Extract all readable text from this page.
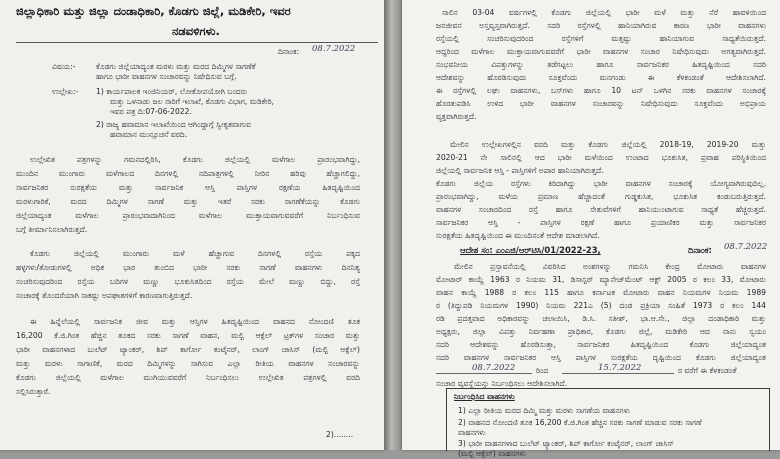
ಜಿಲ್ಲಾಧಿಕಾರಿ ಮತ್ತು ಜಿಲ್ಲಾ ದಂಡಾಧಿಕಾರಿ, ಕೊಡಗು ಜಿಲ್ಲೆ, ಮಡಿಕೇರಿ, ಇವರ
ನಡವಳಿಗಳು.
ದಿನಾಂಕ: 08.7.2022
ವಿಷಯ:-	ಕೊಡಗು ಜಿಲ್ಲೆಯಾದ್ಯಂತ ಮರಳು ಮತ್ತು ಮರದ ದಿಮ್ಮಿಗಳ ಸಾಗಣೆಕೆ
ಹಾಗೂ ಭಾರೀ ವಾಹನಗಳ ಸಂಚಾರವನ್ನು ನಿಷೇಧಿಸುವ ಬಗ್ಗೆ.
ಉಲ್ಲೇಖ:- 1) ಕಾರ್ಯಪಾಲಕ ಇಂಜಿನಿಯರ್, ಲೋಕೋಪಯೋಗಿ ಬಂದರು
ಮತ್ತು ಒಳನಾಡು ಜಲ ಸಾರಿಗೆ ಇಲಾಖೆ, ಕೊಡಗು ವಿಭಾಗ, ಮಡಿಕೇರಿ,
ಇವರ ಪತ್ರ ದಿ:07-06-2022.
2) ರಾಜ್ಯ ಹವಾಮಾನ ಇಲಾಖೆಯಿಂದ ಆಗಿಂದ್ದಾಗ್ಗೆ ಸ್ವೀಕೃತವಾಗುವ
ಹವಾಮಾನ ಮುನ್ಸೂಚನೆ ವರದಿ.
ಉಲ್ಲೇಖಿತ ಪತ್ರಗಳನ್ನು ಗಮನದಲ್ಲಿರಿಸಿ, ಕೊಡಗು ಜಿಲ್ಲೆಯಲ್ಲಿ ಮಳೆಗಾಲ ಪ್ರಾರಂಭವಾಗಿದ್ದು,
ಮುಂದಿನ ಮುಂಗಾರು ಮಳೆಗಾಲದ ದಿನಗಳಲ್ಲಿ ನದಿಪಾತ್ರಗಳಲ್ಲಿ ನೀರಿನ ಹರಿವು ಹೆಚ್ಚಾಗಲಿದ್ದು,
ಸಾರ್ವಜನಿಕರ ಸುರಕ್ಷತೆಯ ಮತ್ತು ಸಾರ್ವಜನಿಕ ಆಸ್ತಿ ಪಾಸ್ತಿಗಳ ರಕ್ಷಣೆಯ ಹಿತದೃಷ್ಟಿಯಿಂದ
ಮರಳುಗಾರಿಕೆ, ಮರದ ದಿಮ್ಮಿಗಳ ಸಾಗಣೆ ಮತ್ತು ಇತರೆ ಸರಕು ಸಾಗಣೆಕೆಯನ್ನು ಕೊಡಗು
ಜಿಲ್ಲೆಯಾದ್ಯಂತ ಮಳೆಗಾಲ ಪ್ರಾರಂಭವಾದಾಗಿನಿಂದ ಮಳೆಗಾಲ ಮುಕ್ತಾಯವಾಗುವವರೆಗೆ ನಿರ್ಬಂಧಿಸುವ
ಬಗ್ಗೆ ತೀರ್ಮಾನಿಸಲಾಗಿರುತ್ತದೆ.
ಕೊಡಗು ಜಿಲ್ಲೆಯಲ್ಲಿ ಮುಂಗಾರು ಮಳೆ ಹೆಚ್ಚಾಗುವ ದಿನಗಳಲ್ಲಿ ರಸ್ತೆಯ ಪಕ್ಕದ
ಹಳ್ಳಗಳು/ತೋಡುಗಳಲ್ಲಿ ಅಧಿಕ ಭಾರ ತುಂಬಿದ ಭಾರೀ ಸರಕು ಸಾಗಣೆ ವಾಹನಗಳು ದಿನನಿತ್ಯ
ಸಂಚರಿಸುವುದರಿಂದ ರಸ್ತೆಯ ಬದಿಗಳ ಮಣ್ಣು ಭೂಕುಸಿತದಿಂದ ರಸ್ತೆಯ ಮೇಲೆ ಮಣ್ಣು ಬಿದ್ದು, ರಸ್ತೆ
ಸಂಚಾರಕ್ಕೆ ತೊಂದರೆಯಾಗಿ ಸಾಕಷ್ಟು ಅಪಘಾತಗಳಿಗೆ ಕಾರಣವಾಗುತ್ತಿರುತ್ತದೆ.
ಈ ಹಿನ್ನೆಲೆಯಲ್ಲಿ ಸಾರ್ವಜನಿಕ ಜೀವ ಮತ್ತು ಆಸ್ತಿಗಳ ಹಿತದೃಷ್ಟಿಯಿಂದ ವಾಹನದ ನೋಂದಣಿ ತೂಕ
16,200 ಕೆ.ಜಿ.ಗಿಂತ ಹೆಚ್ಚಿನ ತೂಕದ ಸರಕು ಸಾಗಣೆ ವಾಹನ, ಮಲ್ಟಿ ಆಕ್ಸೆಲ್ ಟ್ರಕ್‌ಗಳ ಸಂಚಾರ ಮತ್ತು
ಭಾರೀ ವಾಹನಗಳಾದ ಬುಲೆಟ್ ಟ್ಯಾಂಕರ್, ಶಿಪ್ ಕಾರ್ಗೋ ಕಂಟೈನರ್, ಲಾಂಗ್ ಚಾಸಿಸ್ (ಮಲ್ಟಿ ಆಕ್ಸೆಲ್)
ಮತ್ತು ಮರಳು ಸಾಗಾಣಿಕೆ, ಮರದ ದಿಮ್ಮಿಗಳನ್ನು ಸಾಗಿಸುವ ಎಲ್ಲಾ ರೀತಿಯ ವಾಹನಗಳ ಸಂಚಾರವನ್ನು
ಕೊಡಗು ಜಿಲ್ಲೆಯಲ್ಲಿ ಮಳೆಗಾಲ ಮುಗಿಯುವವರೆಗೆ ನಿರ್ಬಂಧಿಸಲು ಉಲ್ಲೇಖಿತ ಪತ್ರಗಳಲ್ಲಿ ವರದಿ
ಸಲ್ಲಿಸಿರುತ್ತಾರೆ.
2)........
ಸಾಲಿನ 03-04 ವರ್ಷಗಳಲ್ಲಿ ಕೊಡಗು ಜಿಲ್ಲೆಯಲ್ಲಿ ಭಾರೀ ಮಳೆ ಮತ್ತು ನೆರೆ ಹಾವಳಿಯಿಂದ
ಜನಜೀವನ ಅಸ್ತವ್ಯಸ್ತವಾಗಿರುತ್ತದೆ. ಸದರಿ ರಸ್ತೆಗಳಲ್ಲಿ ಹಾನಿಯಾಗಿರುವ ಕಾರಣ ಭಾರೀ ವಾಹನಗಳು
ರಸ್ತೆಯಲ್ಲಿ ಸಂಚರಿಸುವುದರಿಂದ ರಸ್ತೆಗಳಿಗೆ ಮತ್ತಷ್ಟು ಹಾನಿಯಾಗುವ ಸಾಧ್ಯತೆಯಿರುತ್ತದೆ.
ಆದ್ದರಿಂದ ಮಳೆಗಾಲ ಮುಕ್ತಾಯವಾಗುವವರೆಗೆ ಭಾರೀ ವಾಹನಗಳ ಸಂಚಾರ ನಿಷೇಧಿಸುವುದು ಅಗತ್ಯವಾಗಿರುತ್ತದೆ.
ಸಂಭವನೀಯ ವಿಪತ್ತುಗಳನ್ನು ತಡೆಗಟ್ಟಲು ಹಾಗೂ ಸಾರ್ವಜನಿಕರ ಹಿತದೃಷ್ಟಿಯಿಂದ ಸದರಿ
ಆದೇಶವನ್ನು ಹೊರಡಿಸುವುದು ಸೂಕ್ತವೆಂದು ಮನಗಂಡು ಈ ಕೆಳಕಂಡಂತೆ ಆದೇಶಿಸಲಾಗಿದೆ.
ಈ ರಸ್ತೆಗಳಲ್ಲಿ ಲಘು ವಾಹನಗಳು, ಬಸ್‌ಗಳು ಹಾಗೂ 10 ಟನ್ ಒಳಗಿನ ಸರಕು ವಾಹನಗಳ ಸಂಚಾರಕ್ಕೆ
ಹೊರತುಪಡಿಸಿ ಉಳಿದ ಭಾರೀ ವಾಹನಗಳ ಸಂಚಾರವನ್ನು ನಿಷೇಧಿಸುವುದು ಸೂಕ್ತವೆಂದು ಅಭಿಪ್ರಾಯ
ವ್ಯಕ್ತವಾಗಿರುತ್ತದೆ.
ಮೇಲಿನ ಉಲ್ಲೇಖಗಳಲ್ಲಿನ ವರದಿ ಮತ್ತು ಕೊಡಗು ಜಿಲ್ಲೆಯಲ್ಲಿ 2018-19, 2019-20 ಮತ್ತು
2020-21 ನೇ ಸಾಲಿನಲ್ಲಿ ಆದ ಭಾರೀ ಮಳೆಯಿಂದ ಉಂಟಾದ ಭೂಕುಸಿತ, ಪ್ರವಾಹ ಪರಿಸ್ಥಿತಿಯಿಂದ
ಜಿಲ್ಲೆಯಲ್ಲಿ ಸಾರ್ವಜನಿಕ ಆಸ್ತಿ - ಪಾಸ್ತಿಗಳಿಗೆ ಅಪಾರ ಹಾನಿಯಾಗಿರುತ್ತದೆ.
ಕೊಡಗು ಜಿಲ್ಲೆಯ ರಸ್ತೆಗಳು ಕಿರಿದಾಗಿದ್ದು ಭಾರೀ ವಾಹನಗಳ ಸಂಚಾರಕ್ಕೆ ಯೋಗ್ಯವಾಗಿರುವುದಿಲ್ಲ.
ಪ್ರಾರಂಭವಾಗಿದ್ದು, ಮಳೆಯ ಪ್ರಮಾಣ ಹೆಚ್ಚಾದಂತೆ ಗುಡ್ಡಕುಸಿತ, ಭೂಕುಸಿತ ಕಂಡುಬರುತ್ತಿರುತ್ತದೆ.
ವಾಹನಗಳ ಸಂಚಾರದಿಂದ ರಸ್ತೆ ಹಾಗೂ ಸೇತುವೆಗಳಿಗೆ ಹಾನಿಯುಂಟಾಗುವ ಸಾಧ್ಯತೆ ಹೆಚ್ಚಿರುತ್ತದೆ.
ಸಾರ್ವಜನಿಕರ ಆಸ್ತಿ - ಪಾಸ್ತಿಗಳ ರಕ್ಷಣೆ ಹಾಗೂ ಪ್ರಯಾಣಿಕರ ಮತ್ತು ಸಾರ್ವಜನಿಕರ
ಸುರಕ್ಷತೆಯ ಹಿತದೃಷ್ಟಿಯಿಂದ ಈ ಮುಂದಿನಂತೆ ಆದೇಶ ಮಾಡಲಾಗಿದೆ.
ಆದೇಶ ಸಂ: ಎಂಎಜಿ/ಆರ್‌ಟಿಸಿ/01/2022-23,	ದಿನಾಂಕ: 08.7.2022
ಮೇಲಿನ ಪ್ರಸ್ತಾವನೆಯಲ್ಲಿ ವಿವರಿಸಿದ ಅಂಶಗಳನ್ನು ಗಮನಿಸಿ ಕೇಂದ್ರ ಮೋಟಾರು ವಾಹನಗಳ
ಮೋಟಾರ್ ಕಾಯ್ದೆ 1963 ರ ನಿಯಮ 31, ಡಿಸಾಸ್ಟರ್ ಮ್ಯಾನೇಜ್‌ಮೆಂಟ್ ಆಕ್ಟ್ 2005 ರ ಕಲಂ 33, ಮೋಟಾರು
ವಾಹನ ಕಾಯ್ದೆ 1988 ರ ಕಲಂ 115 ಹಾಗೂ ಕರ್ನಾಟಕ ಮೋಟಾರು ವಾಹನ ನಿಯಮಗಳ ನಿಯಮ 1989
ರ (ತಿದ್ದುಪಡಿ ನಿಯಮಗಳ 1990) ನಿಯಮ 221ಎ (5) ದಂಡ ಪ್ರಕ್ರಿಯಾ ಸಂಹಿತೆ 1973 ರ ಕಲಂ 144
ರಡಿ ಪ್ರದತ್ತವಾದ ಅಧಿಕಾರವನ್ನು ಚಲಾಯಿಸಿ, ಡಿ.ಸಿ. ಸತೀಶ್, ಭಾ.ಆ.ಸೇ., ಜಿಲ್ಲಾ ದಂಡಾಧಿಕಾರಿ ಮತ್ತು
ಅಧ್ಯಕ್ಷರು, ಜಿಲ್ಲಾ ವಿಪತ್ತು ನಿರ್ವಹಣಾ ಪ್ರಾಧಿಕಾರ, ಕೊಡಗು ಜಿಲ್ಲೆ, ಮಡಿಕೇರಿ ಆದ ನಾನು ಸ್ವಯಂ
ಸದರಿ ಆದೇಶವನ್ನು ಹೊರಡಿಸುತ್ತಾ, ಸಾರ್ವಜನಿಕರ ಹಿತದೃಷ್ಟಿಯಿಂದ ಕೊಡಗು ಜಿಲ್ಲೆಯಾದ್ಯಂತ
ಸದರಿ ವಾಹನಗಳ ಸಾರ್ವಜನಿಕರ ಆಸ್ತಿ ಪಾಸ್ತಿಗಳ ಸುರಕ್ಷತೆಯ ದೃಷ್ಟಿಯಿಂದ ಕೊಡಗು ಜಿಲ್ಲೆಯಾದ್ಯಂತ
08.7.2022	ರಿಂದ	15.7.2022	ರ ವರೆಗೆ ಈ ಕೆಳಕಂಡಂತೆ
ಸಂಚಾರ ವ್ಯವಸ್ಥೆಯನ್ನು ನಿರ್ಬಂಧಿಸಲು ಆದೇಶಿಸಲಾಗಿದೆ.
ನಿರ್ಬಂಧಿಸಿದ ವಾಹನಗಳು
1) ಎಲ್ಲಾ ರೀತಿಯ ಮರದ ದಿಮ್ಮಿ ಮತ್ತು ಮರಳು ಸಾಗಣೆಯ ವಾಹನಗಳು
2) ವಾಹನದ ನೋಂದಣಿ ತೂಕ 16,200 ಕೆ.ಜಿ.ಗಿಂತ ಹೆಚ್ಚಿನ ಸರಕು ಸಾಗಣೆ ಮಾಡುವ ಸರಕು ಸಾಗಣೆ
ವಾಹನಗಳು
3) ಭಾರೀ ವಾಹನಗಳಾದ ಬುಲೆಟ್ ಟ್ಯಾಂಕರ್, ಶಿಪ್ ಕಾರ್ಗೋ ಕಂಟೈನರ್, ಲಾಂಗ್ ಚಾಸಿಸ್
(ಮಲ್ಟಿ ಆಕ್ಸೆಲ್) ವಾಹನಗಳು
